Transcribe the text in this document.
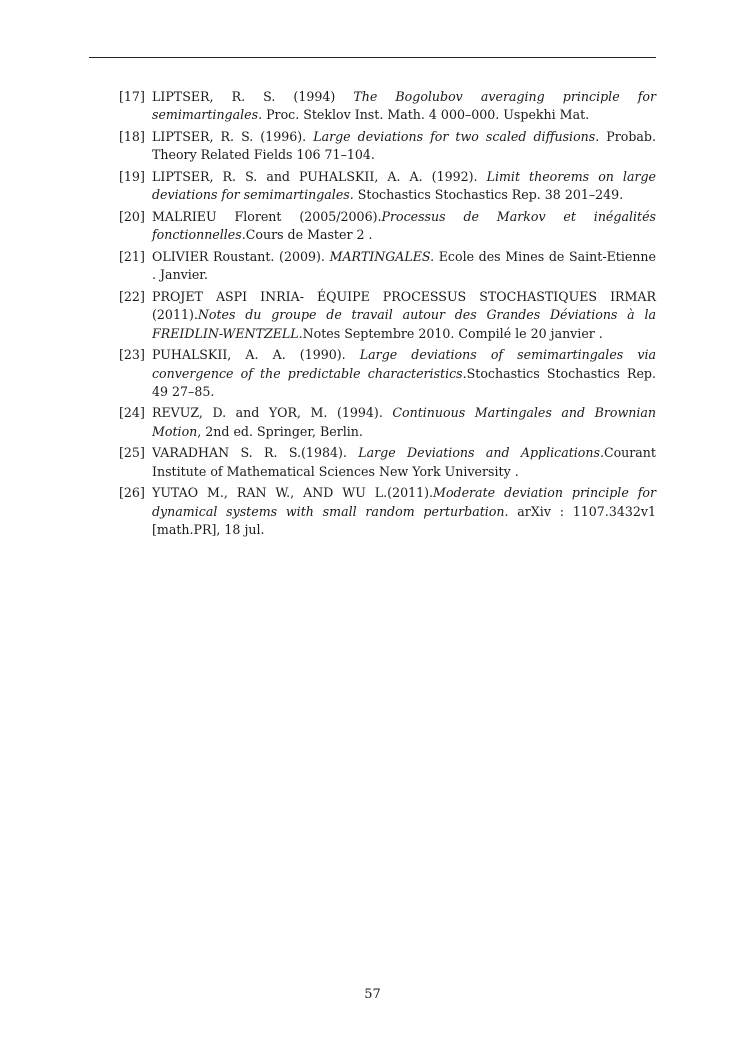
[17] LIPTSER, R. S. (1994) The Bogolubov averaging principle for semimartingales. Proc. Steklov Inst. Math. 4 000–000. Uspekhi Mat.
[18] LIPTSER, R. S. (1996). Large deviations for two scaled diffusions. Probab. Theory Related Fields 106 71–104.
[19] LIPTSER, R. S. and PUHALSKII, A. A. (1992). Limit theorems on large deviations for semimartingales. Stochastics Stochastics Rep. 38 201–249.
[20] MALRIEU Florent (2005/2006).Processus de Markov et inégalités fonctionnelles.Cours de Master 2 .
[21] OLIVIER Roustant. (2009). MARTINGALES. Ecole des Mines de Saint-Etienne . Janvier.
[22] PROJET ASPI INRIA- ÉQUIPE PROCESSUS STOCHASTIQUES IRMAR (2011).Notes du groupe de travail autour des Grandes Déviations à la FREIDLIN-WENTZELL.Notes Septembre 2010. Compilé le 20 janvier .
[23] PUHALSKII, A. A. (1990). Large deviations of semimartingales via convergence of the predictable characteristics.Stochastics Stochastics Rep. 49 27–85.
[24] REVUZ, D. and YOR, M. (1994). Continuous Martingales and Brownian Motion, 2nd ed. Springer, Berlin.
[25] VARADHAN S. R. S.(1984). Large Deviations and Applications.Courant Institute of Mathematical Sciences New York University .
[26] YUTAO M., RAN W., AND WU L.(2011).Moderate deviation principle for dynamical systems with small random perturbation. arXiv : 1107.3432v1 [math.PR], 18 jul.
57
